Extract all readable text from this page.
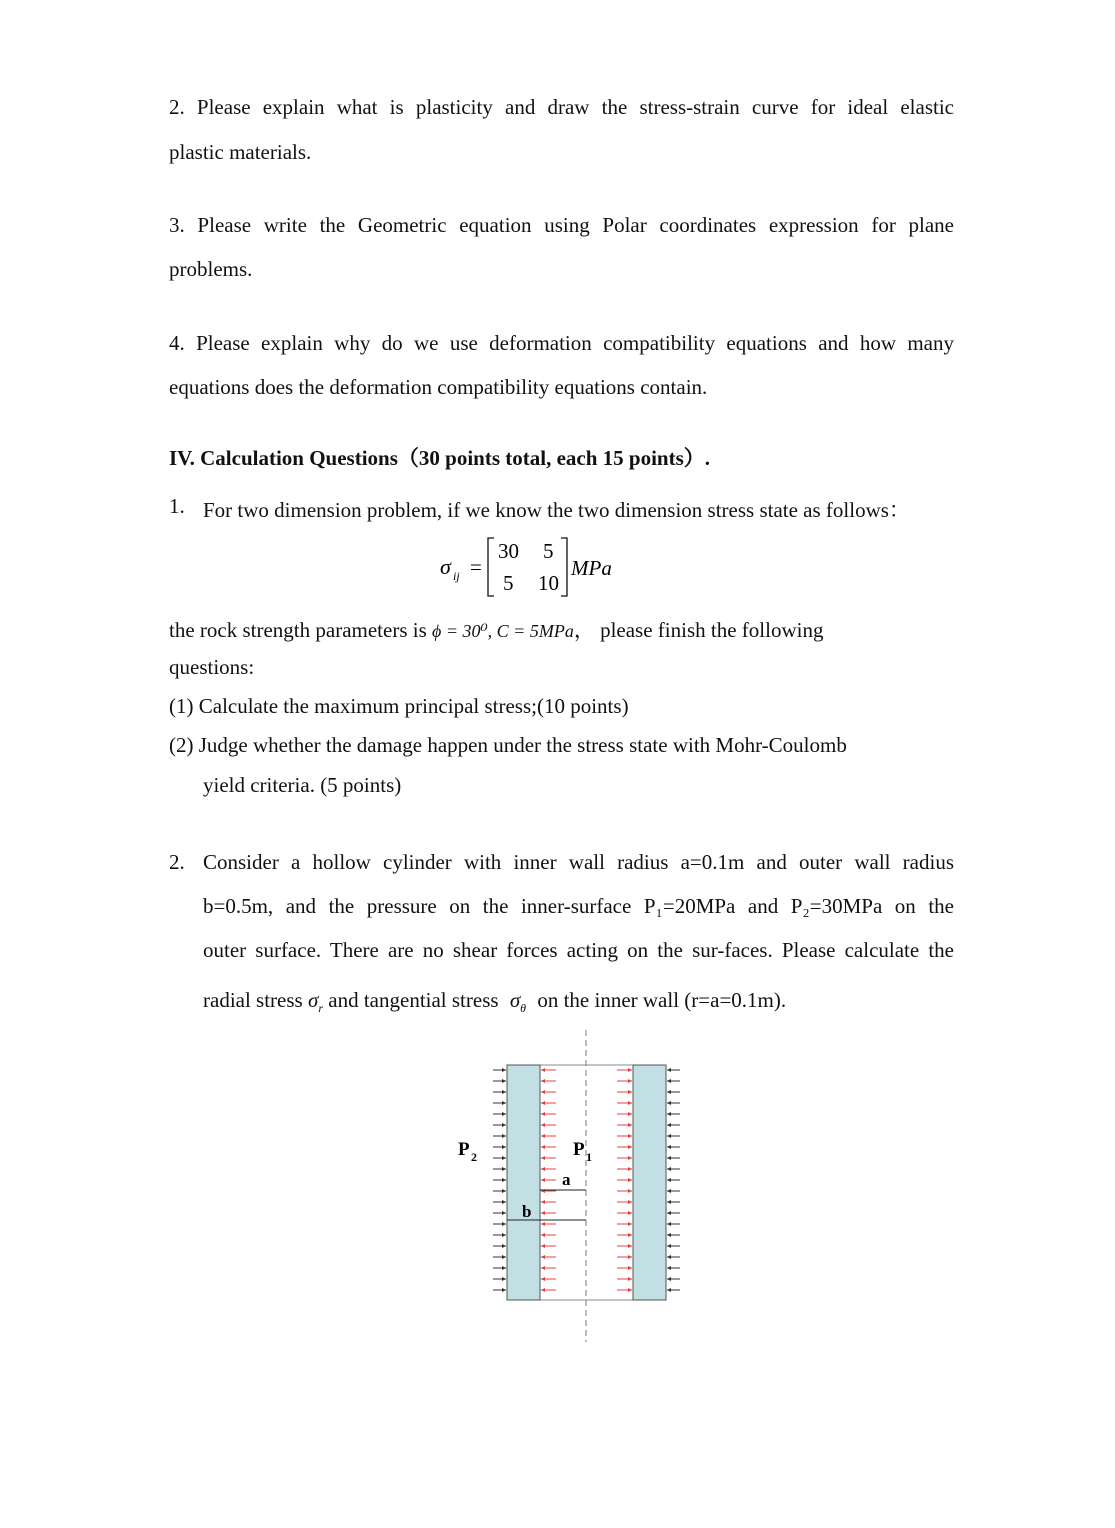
2. Please explain what is plasticity and draw the stress-strain curve for ideal elastic
plastic materials.
3. Please write the Geometric equation using Polar coordinates expression for plane
problems.
4. Please explain why do we use deformation compatibility equations and how many
equations does the deformation compatibility equations contain.
IV. Calculation Questions（30 points total, each 15 points）.
1. For two dimension problem, if we know the two dimension stress state as follows：
σ ij =
30 5
5 10
MPa
the rock strength parameters is ϕ = 30⁰, C = 5MPa， please finish the following
questions:
(1) Calculate the maximum principal stress;(10 points)
(2) Judge whether the damage happen under the stress state with Mohr-Coulomb
yield criteria. (5 points)
2. Consider a hollow cylinder with inner wall radius a=0.1m and outer wall radius
b=0.5m, and the pressure on the inner-surface P₁=20MPa and P₂=30MPa on the
outer surface. There are no shear forces acting on the sur-faces. Please calculate the
radial stress $\sigma_r$ and tangential stress $\sigma_\theta$ on the inner wall (r=a=0.1m).
a
b
P 2	P 1
